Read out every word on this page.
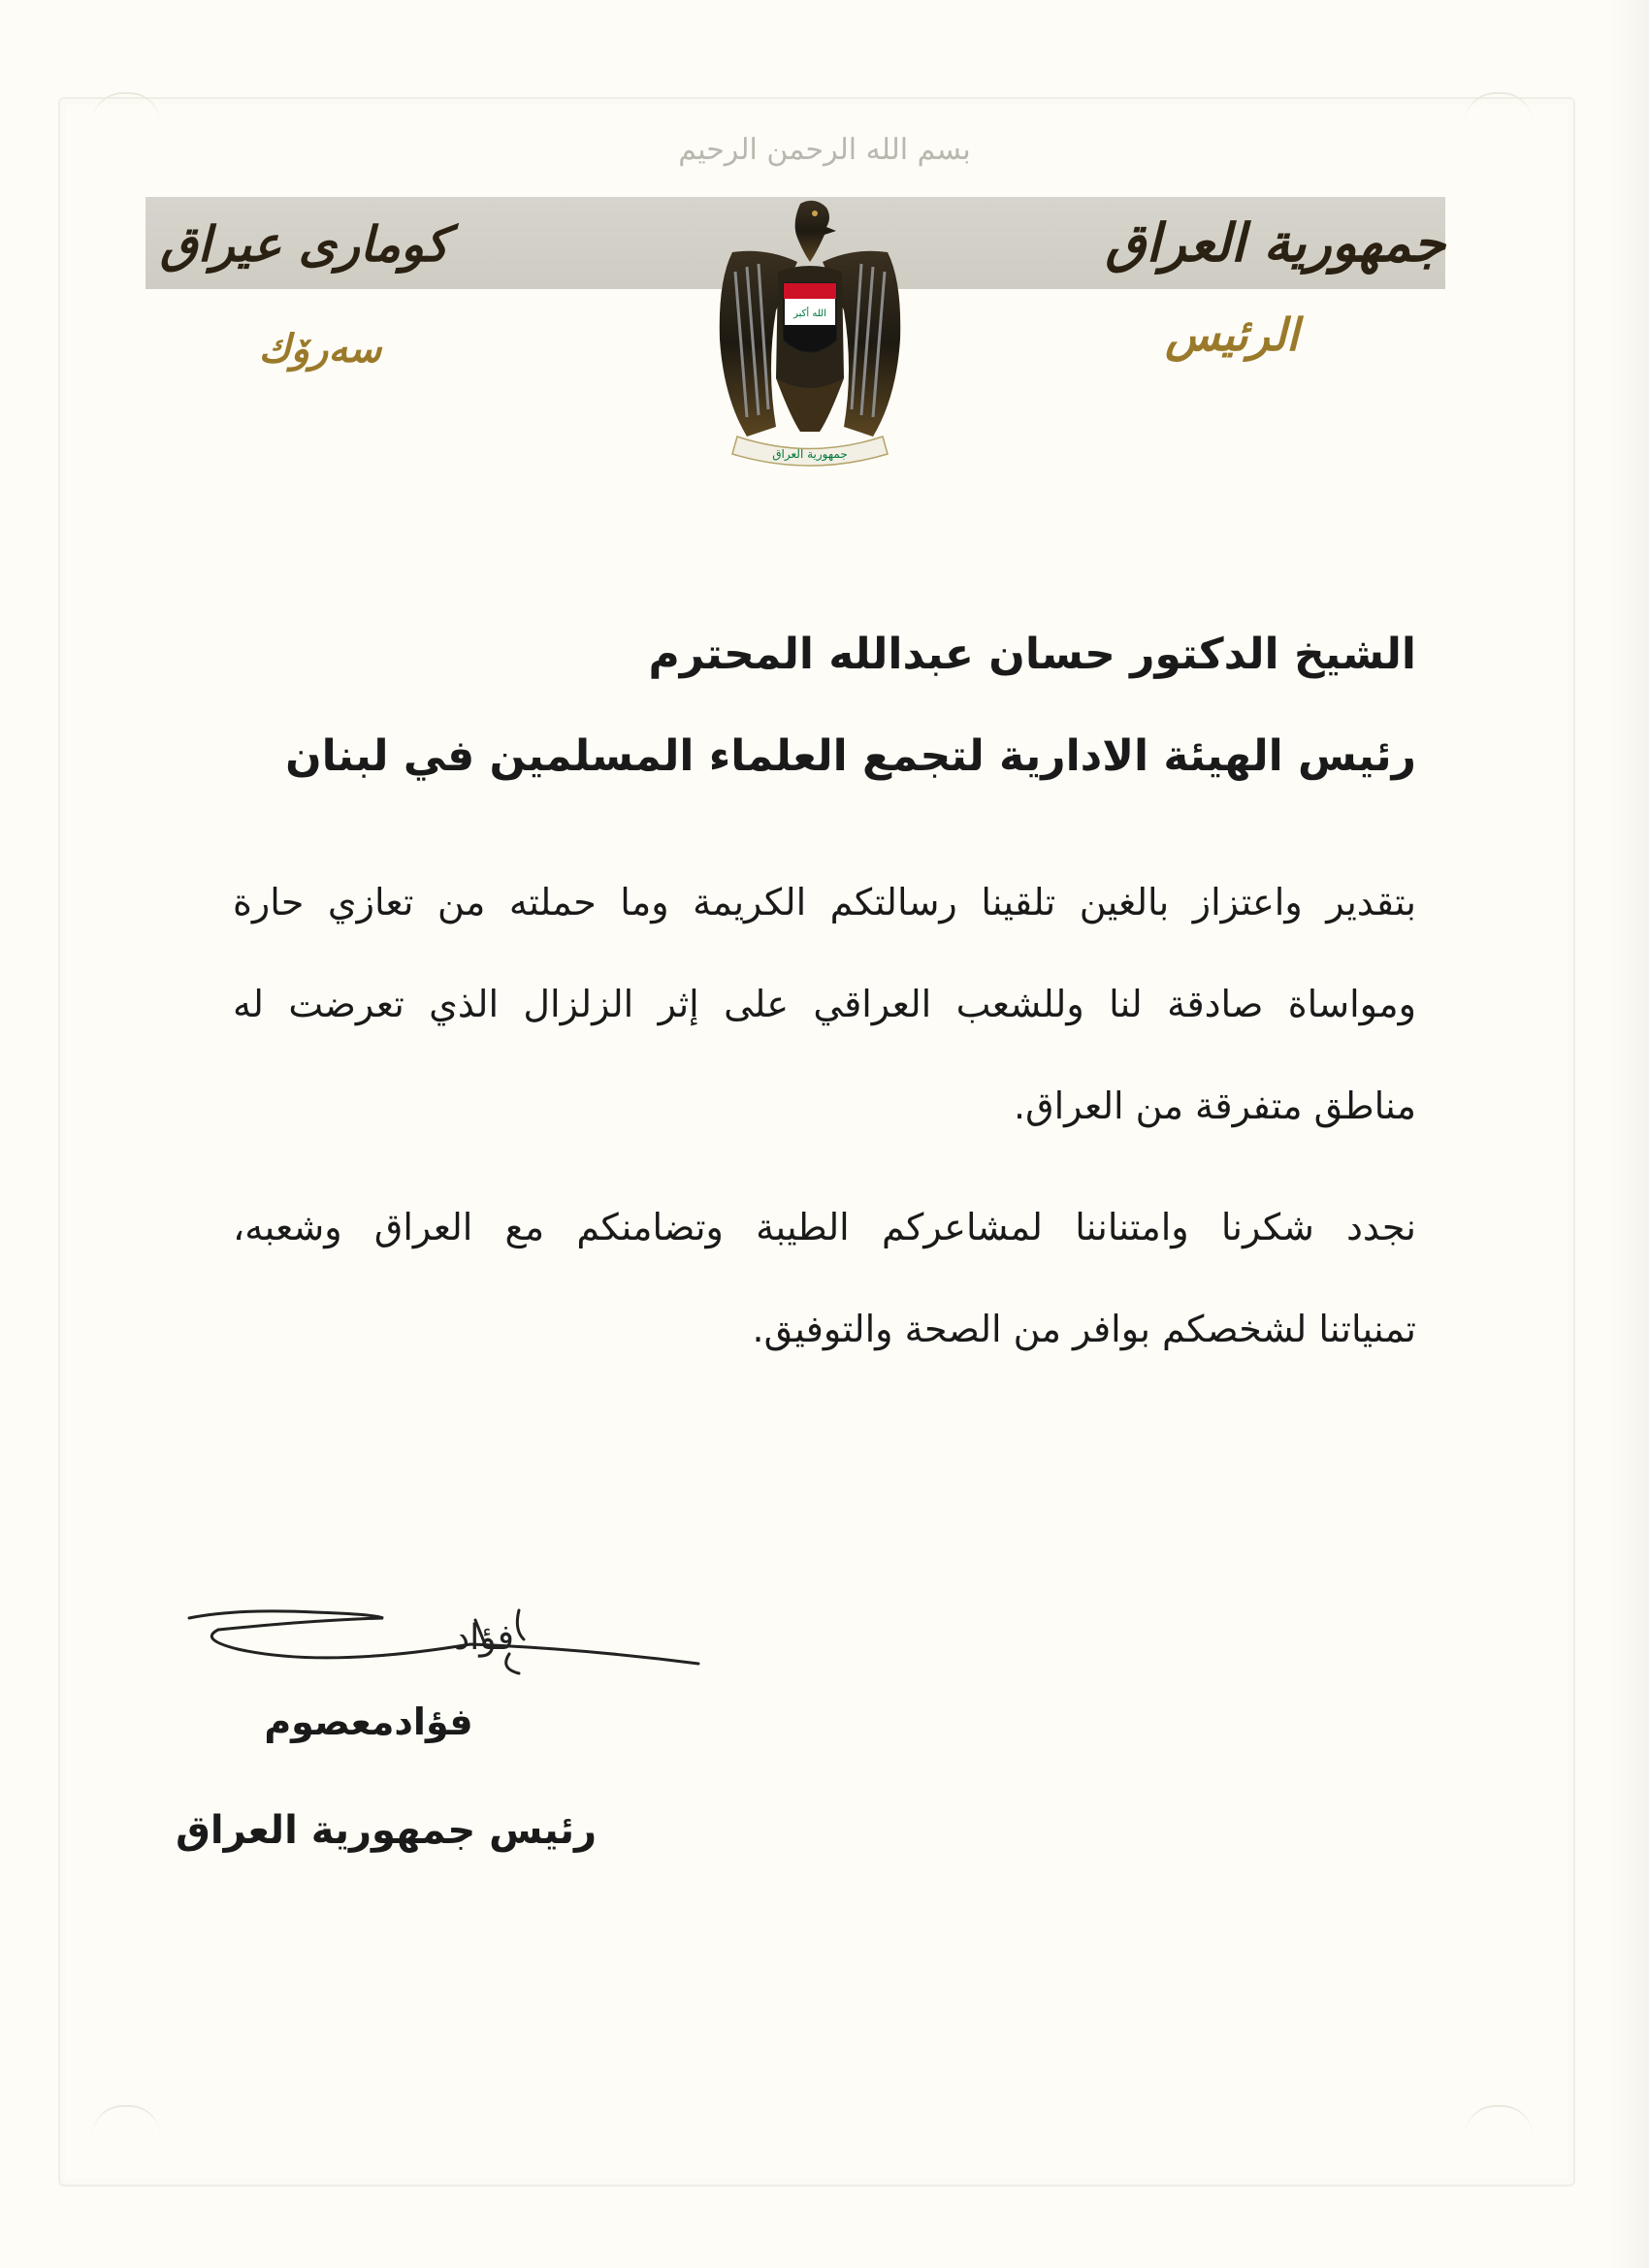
بسم الله الرحمن الرحيم
جمهورية العراق
كوماری عیراق
الرئيس
سەرۆك
الله أكبر
جمهورية العراق
الشيخ الدكتور حسان عبدالله المحترم
رئيس الهيئة الادارية لتجمع العلماء المسلمين في لبنان
بتقدير واعتزاز بالغين تلقينا رسالتكم الكريمة وما حملته من تعازي حارة
ومواساة صادقة لنا وللشعب العراقي على إثر الزلزال الذي تعرضت له
مناطق متفرقة من العراق.
نجدد شكرنا وامتناننا لمشاعركم الطيبة وتضامنكم مع العراق وشعبه،
تمنياتنا لشخصكم بوافر من الصحة والتوفيق.
فؤاد
فؤادمعصوم
رئيس جمهورية العراق
